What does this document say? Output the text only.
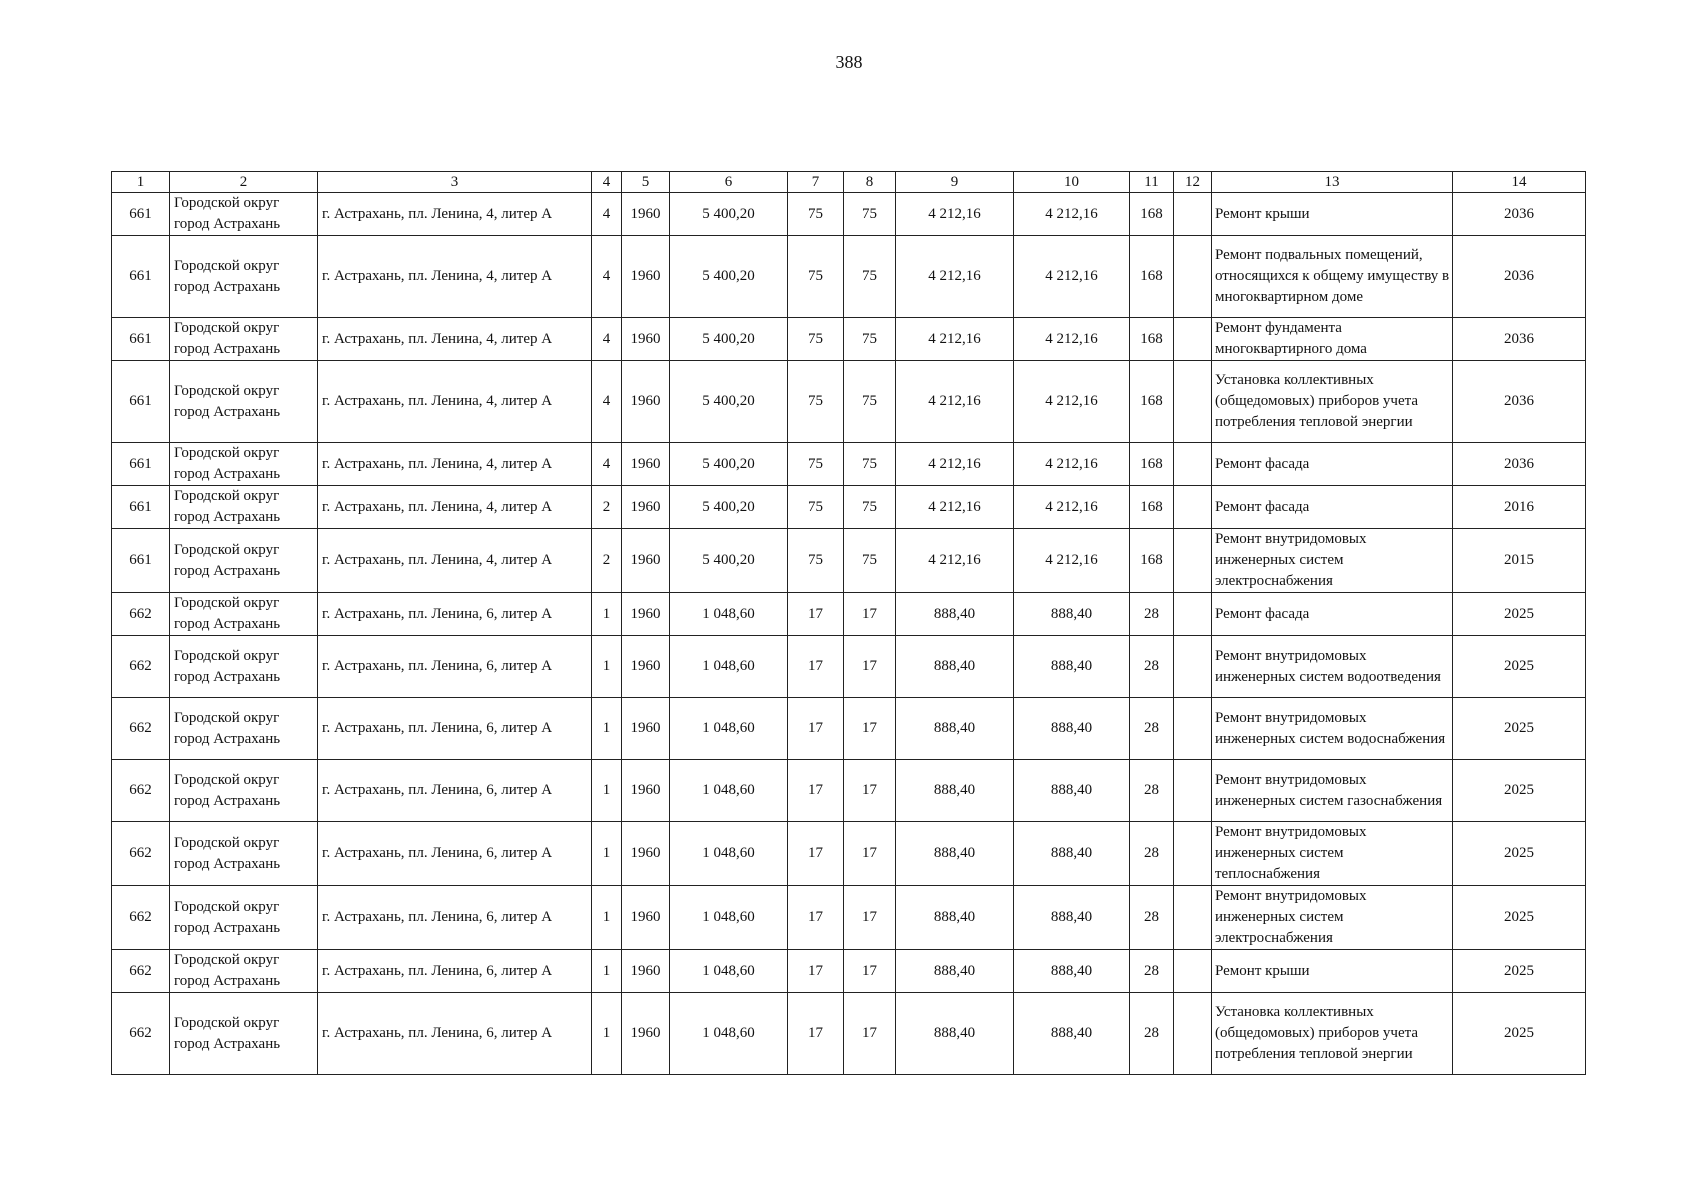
388
1	2	3	4	5	6	7	8	9	10	11	12	13	14
661	Городской округ город Астрахань	г. Астрахань, пл. Ленина, 4, литер А	4	1960	5 400,20	75	75	4 212,16	4 212,16	168		Ремонт крыши	2036
661	Городской округ город Астрахань	г. Астрахань, пл. Ленина, 4, литер А	4	1960	5 400,20	75	75	4 212,16	4 212,16	168		Ремонт подвальных помещений, относящихся к общему имуществу в многоквартирном доме	2036
661	Городской округ город Астрахань	г. Астрахань, пл. Ленина, 4, литер А	4	1960	5 400,20	75	75	4 212,16	4 212,16	168		Ремонт фундамента многоквартирного дома	2036
661	Городской округ город Астрахань	г. Астрахань, пл. Ленина, 4, литер А	4	1960	5 400,20	75	75	4 212,16	4 212,16	168		Установка коллективных (общедомовых) приборов учета потребления тепловой энергии	2036
661	Городской округ город Астрахань	г. Астрахань, пл. Ленина, 4, литер А	4	1960	5 400,20	75	75	4 212,16	4 212,16	168		Ремонт фасада	2036
661	Городской округ город Астрахань	г. Астрахань, пл. Ленина, 4, литер А	2	1960	5 400,20	75	75	4 212,16	4 212,16	168		Ремонт фасада	2016
661	Городской округ город Астрахань	г. Астрахань, пл. Ленина, 4, литер А	2	1960	5 400,20	75	75	4 212,16	4 212,16	168		Ремонт внутридомовых инженерных систем электроснабжения	2015
662	Городской округ город Астрахань	г. Астрахань, пл. Ленина, 6, литер А	1	1960	1 048,60	17	17	888,40	888,40	28		Ремонт фасада	2025
662	Городской округ город Астрахань	г. Астрахань, пл. Ленина, 6, литер А	1	1960	1 048,60	17	17	888,40	888,40	28		Ремонт внутридомовых инженерных систем водоотведения	2025
662	Городской округ город Астрахань	г. Астрахань, пл. Ленина, 6, литер А	1	1960	1 048,60	17	17	888,40	888,40	28		Ремонт внутридомовых инженерных систем водоснабжения	2025
662	Городской округ город Астрахань	г. Астрахань, пл. Ленина, 6, литер А	1	1960	1 048,60	17	17	888,40	888,40	28		Ремонт внутридомовых инженерных систем газоснабжения	2025
662	Городской округ город Астрахань	г. Астрахань, пл. Ленина, 6, литер А	1	1960	1 048,60	17	17	888,40	888,40	28		Ремонт внутридомовых инженерных систем теплоснабжения	2025
662	Городской округ город Астрахань	г. Астрахань, пл. Ленина, 6, литер А	1	1960	1 048,60	17	17	888,40	888,40	28		Ремонт внутридомовых инженерных систем электроснабжения	2025
662	Городской округ город Астрахань	г. Астрахань, пл. Ленина, 6, литер А	1	1960	1 048,60	17	17	888,40	888,40	28		Ремонт крыши	2025
662	Городской округ город Астрахань	г. Астрахань, пл. Ленина, 6, литер А	1	1960	1 048,60	17	17	888,40	888,40	28		Установка коллективных (общедомовых) приборов учета потребления тепловой энергии	2025
